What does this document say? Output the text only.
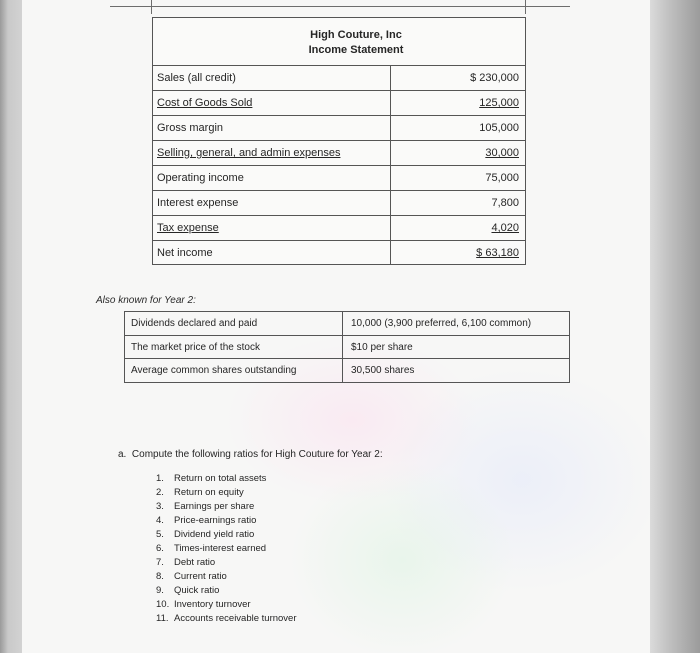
High Couture, Inc
Income Statement
Sales (all credit)	$ 230,000
Cost of Goods Sold	125,000
Gross margin	105,000
Selling, general, and admin expenses	30,000
Operating income	75,000
Interest expense	7,800
Tax expense	4,020
Net income	$ 63,180
Also known for Year 2:
Dividends declared and paid	10,000 (3,900 preferred, 6,100 common)
The market price of the stock	$10 per share
Average common shares outstanding	30,500 shares
a. Compute the following ratios for High Couture for Year 2:
1. Return on total assets
2. Return on equity
3. Earnings per share
4. Price-earnings ratio
5. Dividend yield ratio
6. Times-interest earned
7. Debt ratio
8. Current ratio
9. Quick ratio
10. Inventory turnover
11. Accounts receivable turnover
